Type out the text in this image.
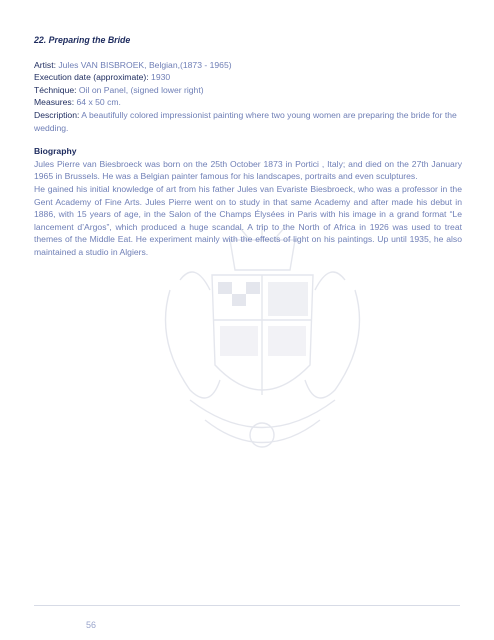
22. Preparing the Bride

Artist: Jules VAN BISBROEK, Belgian,(1873 - 1965)

Execution date (approximate): 1930

Téchnique: Oil on Panel, (signed lower right)

Measures: 64 x 50 cm.

Description: A beautifully colored impressionist painting where two young women are preparing the bride for the wedding.

Biography

Jules Pierre van Biesbroeck was born on the 25th October 1873 in Portici , Italy; and died on the 27th January 1965 in Brussels. He was a Belgian painter famous for his landscapes, portraits and even sculptures.

He gained his initial knowledge of art from his father Jules van Evariste Biesbroeck, who was a professor in the Gent Academy of Fine Arts. Jules Pierre went on to study in that same Academy and after made his debut in 1886, with 15 years of age, in the Salon of the Champs Élysées in Paris with his image in a grand format “Le lancement d’Argos”, which produced a huge scandal. A trip to the North of Africa in 1926 was used to treat themes of the Middle Eat. He experiment mainly with the effects of light on his paintings. Up until 1935, he also maintained a studio in Algiers.

56
